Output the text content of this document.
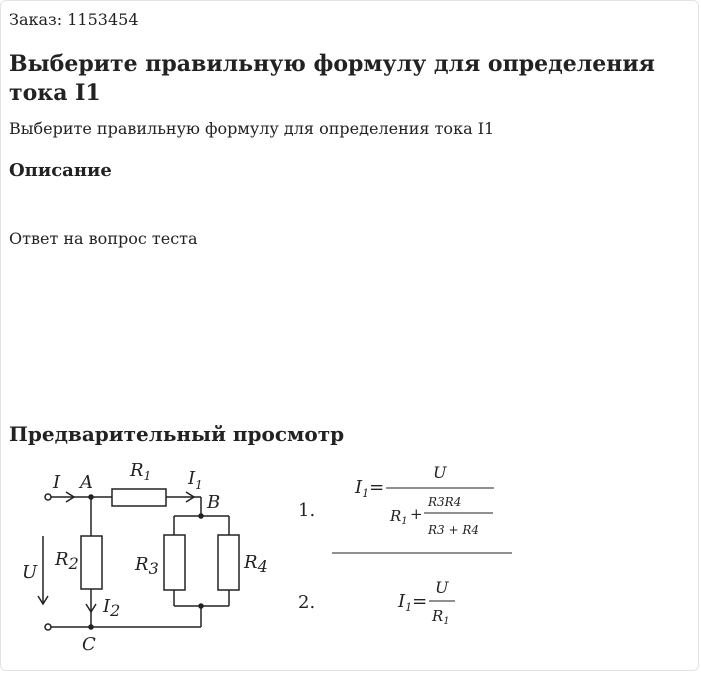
Заказ: 1153454
Выберите правильную формулу для определения тока I1
Выберите правильную формулу для определения тока I1
Описание
Ответ на вопрос теста
Предварительный просмотр
I A
$R_1$ $I_1$
B
U
R2	R3	R4
I2
C
1.
$I_1=$
U
$R_1$ +
R3R4
R3 + R4
2.	$I_1=$
U
$R_1$
